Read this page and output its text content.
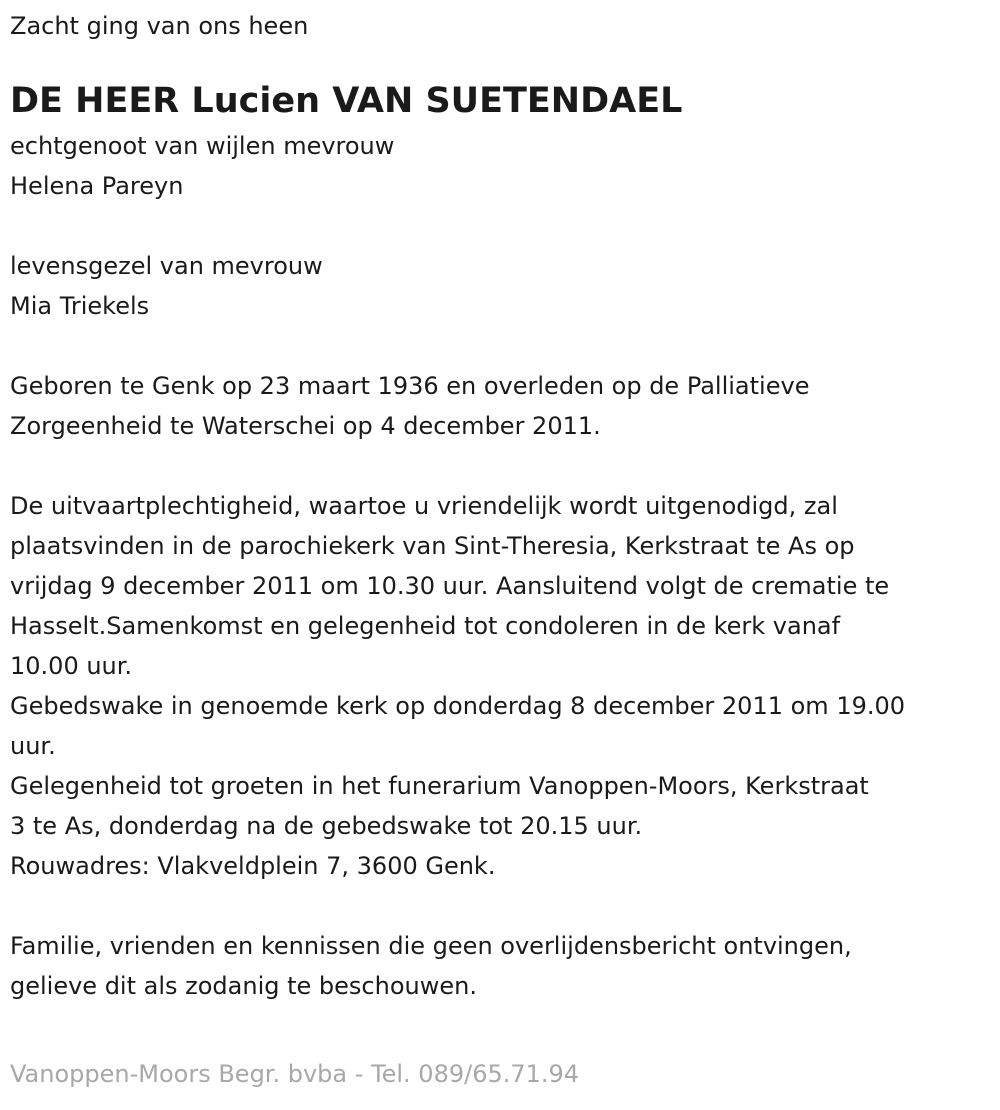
Zacht ging van ons heen

DE HEER Lucien VAN SUETENDAEL

echtgenoot van wijlen mevrouw

Helena Pareyn

levensgezel van mevrouw

Mia Triekels

Geboren te Genk op 23 maart 1936 en overleden op de Palliatieve

Zorgeenheid te Waterschei op 4 december 2011.

De uitvaartplechtigheid, waartoe u vriendelijk wordt uitgenodigd, zal

plaatsvinden in de parochiekerk van Sint-Theresia, Kerkstraat te As op

vrijdag 9 december 2011 om 10.30 uur. Aansluitend volgt de crematie te

Hasselt.Samenkomst en gelegenheid tot condoleren in de kerk vanaf

10.00 uur.

Gebedswake in genoemde kerk op donderdag 8 december 2011 om 19.00

uur.

Gelegenheid tot groeten in het funerarium Vanoppen-Moors, Kerkstraat

3 te As, donderdag na de gebedswake tot 20.15 uur.

Rouwadres: Vlakveldplein 7, 3600 Genk.

Familie, vrienden en kennissen die geen overlijdensbericht ontvingen,

gelieve dit als zodanig te beschouwen.

Vanoppen-Moors Begr. bvba - Tel. 089/65.71.94
